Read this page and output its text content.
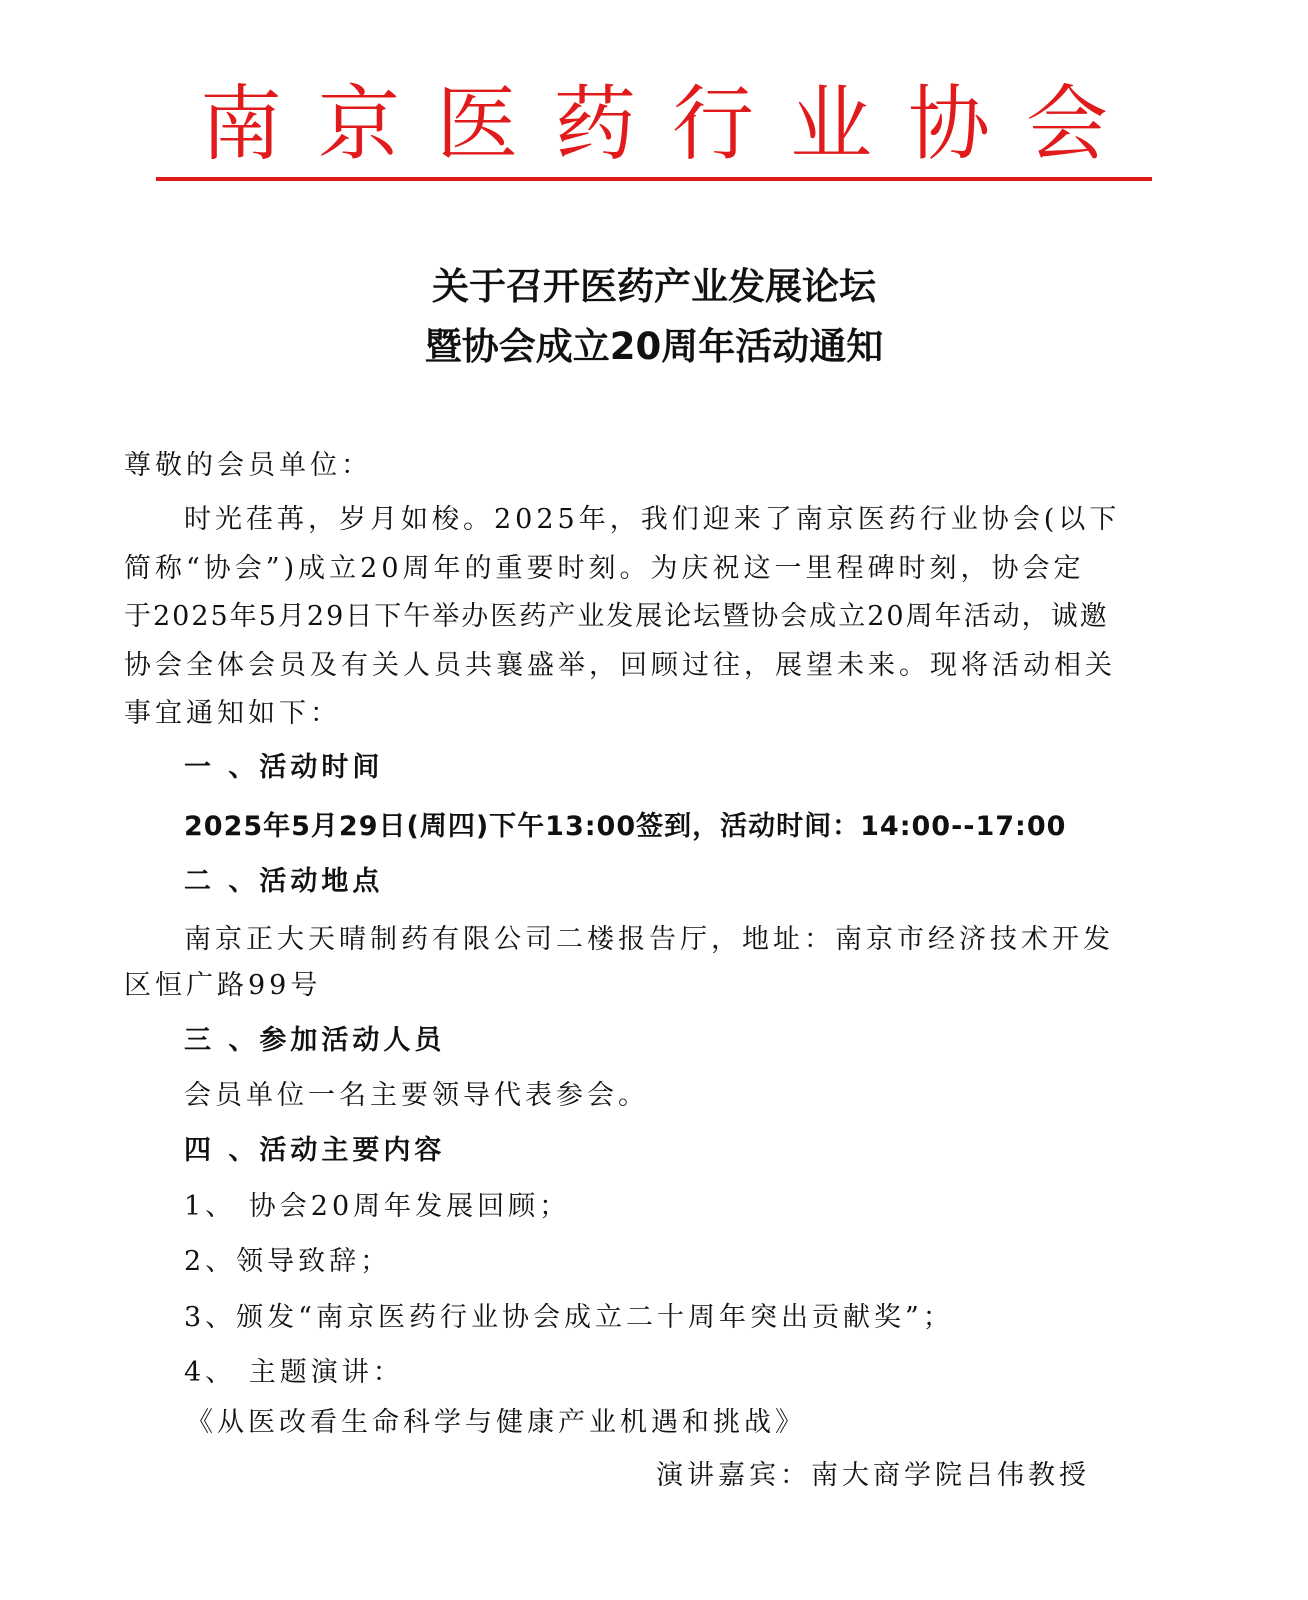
南京医药行业协会
关于召开医药产业发展论坛
暨协会成立20周年活动通知
尊敬的会员单位：
时光荏苒，岁月如梭。2025年，我们迎来了南京医药行业协会(以下
简称“协会”)成立20周年的重要时刻。为庆祝这一里程碑时刻，协会定
于2025年5月29日下午举办医药产业发展论坛暨协会成立20周年活动，诚邀
协会全体会员及有关人员共襄盛举，回顾过往，展望未来。现将活动相关
事宜通知如下：
一 、活动时间
2025年5月29日(周四)下午13:00签到，活动时间：14:00--17:00
二 、活动地点
南京正大天晴制药有限公司二楼报告厅，地址：南京市经济技术开发
区恒广路99号
三 、参加活动人员
会员单位一名主要领导代表参会。
四 、活动主要内容
1、 协会20周年发展回顾；
2、领导致辞；
3、颁发“南京医药行业协会成立二十周年突出贡献奖”；
4、 主题演讲：
《从医改看生命科学与健康产业机遇和挑战》
演讲嘉宾：南大商学院吕伟教授
